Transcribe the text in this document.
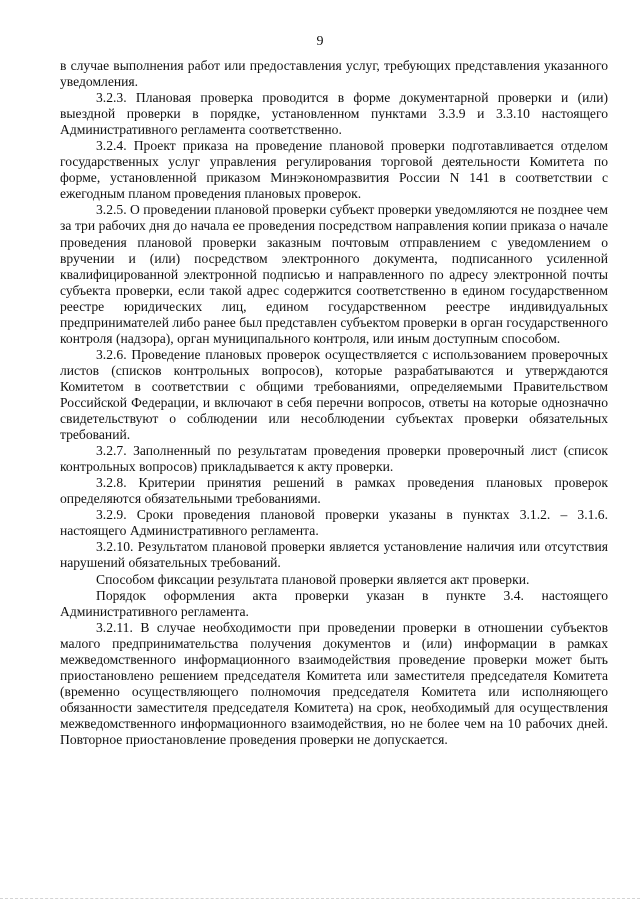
9

в случае выполнения работ или предоставления услуг, требующих представления указанного уведомления.

3.2.3. Плановая проверка проводится в форме документарной проверки и (или) выездной проверки в порядке, установленном пунктами 3.3.9 и 3.3.10 настоящего Административного регламента соответственно.

3.2.4. Проект приказа на проведение плановой проверки подготавливается отделом государственных услуг управления регулирования торговой деятельности Комитета по форме, установленной приказом Минэкономразвития России N 141 в соответствии с ежегодным планом проведения плановых проверок.

3.2.5. О проведении плановой проверки субъект проверки уведомляются не позднее чем за три рабочих дня до начала ее проведения посредством направления копии приказа о начале проведения плановой проверки заказным почтовым отправлением с уведомлением о вручении и (или) посредством электронного документа, подписанного усиленной квалифицированной электронной подписью и направленного по адресу электронной почты субъекта проверки, если такой адрес содержится соответственно в едином государственном реестре юридических лиц, едином государственном реестре индивидуальных предпринимателей либо ранее был представлен субъектом проверки в орган государственного контроля (надзора), орган муниципального контроля, или иным доступным способом.

3.2.6. Проведение плановых проверок осуществляется с использованием проверочных листов (списков контрольных вопросов), которые разрабатываются и утверждаются Комитетом в соответствии с общими требованиями, определяемыми Правительством Российской Федерации, и включают в себя перечни вопросов, ответы на которые однозначно свидетельствуют о соблюдении или несоблюдении субъектах проверки обязательных требований.

3.2.7. Заполненный по результатам проведения проверки проверочный лист (список контрольных вопросов) прикладывается к акту проверки.

3.2.8. Критерии принятия решений в рамках проведения плановых проверок определяются обязательными требованиями.

3.2.9. Сроки проведения плановой проверки указаны в пунктах 3.1.2. – 3.1.6. настоящего Административного регламента.

3.2.10. Результатом плановой проверки является установление наличия или отсутствия нарушений обязательных требований.

Способом фиксации результата плановой проверки является акт проверки.

Порядок оформления акта проверки указан в пункте 3.4. настоящего Административного регламента.

3.2.11. В случае необходимости при проведении проверки в отношении субъектов малого предпринимательства получения документов и (или) информации в рамках межведомственного информационного взаимодействия проведение проверки может быть приостановлено решением председателя Комитета или заместителя председателя Комитета (временно осуществляющего полномочия председателя Комитета или исполняющего обязанности заместителя председателя Комитета) на срок, необходимый для осуществления межведомственного информационного взаимодействия, но не более чем на 10 рабочих дней. Повторное приостановление проведения проверки не допускается.
